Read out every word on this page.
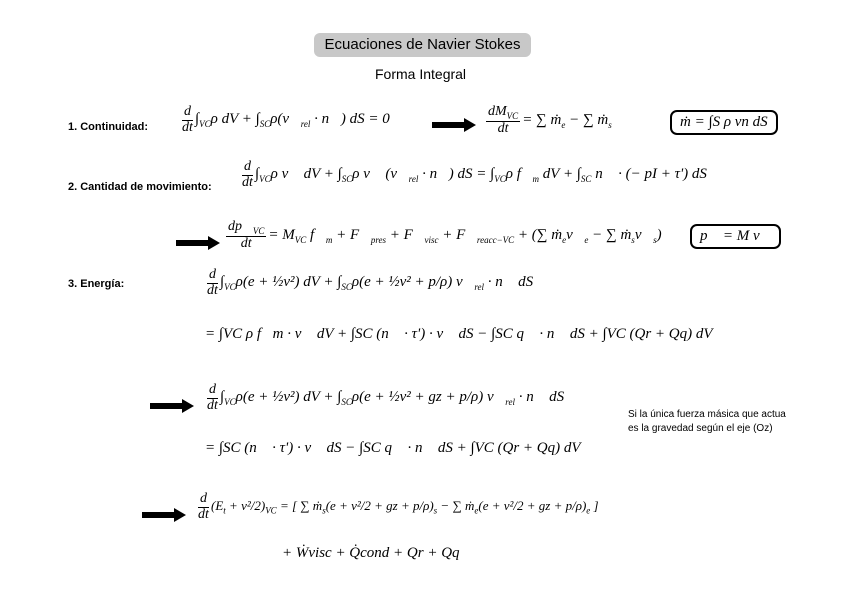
Ecuaciones de Navier Stokes
Forma Integral
1. Continuidad: $\frac{d}{dt} \int_{VC}\rho$ dV + $\int_{SC}\rho(v⃗_{rel}$ · n⃗) dS = 0	$\frac{dM_{VC}}{dt}$ = ∑ ṁ$_e$ − ∑ ṁ$_s$	ṁ = ∫S ρ vn dS
2. Cantidad de movimiento: $\frac{d}{dt} \int_{VC}\rho$ v⃗ dV + $\int_{SC}\rho$ v⃗ ($v⃗_{rel}$ · n⃗) dS = $\int_{VC}\rho$ $f⃗_m$ dV + $\int_{SC}$ n⃗ · (− pI + τ') dS
$\frac{dp⃗_{VC}}{dt} = M_{VC}$ $f⃗_m$ + $F⃗_{pres}$ + $F⃗_{visc}$ + $F⃗_{reacc-VC}$ + (∑ $ṁ_ev⃗_e$ − ∑ $ṁ_sv⃗_s$)	p⃗ = M v⃗
3. Energía:	$\frac{d}{dt} \int_{VC}\rho(e$ + ½v²) dV + $\int_{SC}\rho(e$ + ½v² + p/ρ) $v⃗_{rel}$ · n⃗ dS
= ∫VC ρ f⃗m · v⃗ dV + ∫SC (n⃗ · τ') · v⃗ dS − ∫SC q⃗ · n⃗ dS + ∫VC (Qr + Qq) dV
$\frac{d}{dt} \int_{VC}\rho(e$ + ½v²) dV + $\int_{SC}\rho(e$ + ½v² + gz + p/ρ) $v⃗_{rel}$ · n⃗ dS
Si la única fuerza másica que actua es la gravedad según el eje (Oz)
= ∫SC (n⃗ · τ') · v⃗ dS − ∫SC q⃗ · n⃗ dS + ∫VC (Qr + Qq) dV
$\frac{d}{dt} (E_t + v^2/2)_{VC}$ = [ ∑ ṁ$_s$(e + v²/2 + gz + $p/\rho)_s$ − ∑ ṁ$_e$(e + v²/2 + gz + $p/\rho)_e$ ]
+ Ẇvisc + Q̇cond + Qr + Qq
